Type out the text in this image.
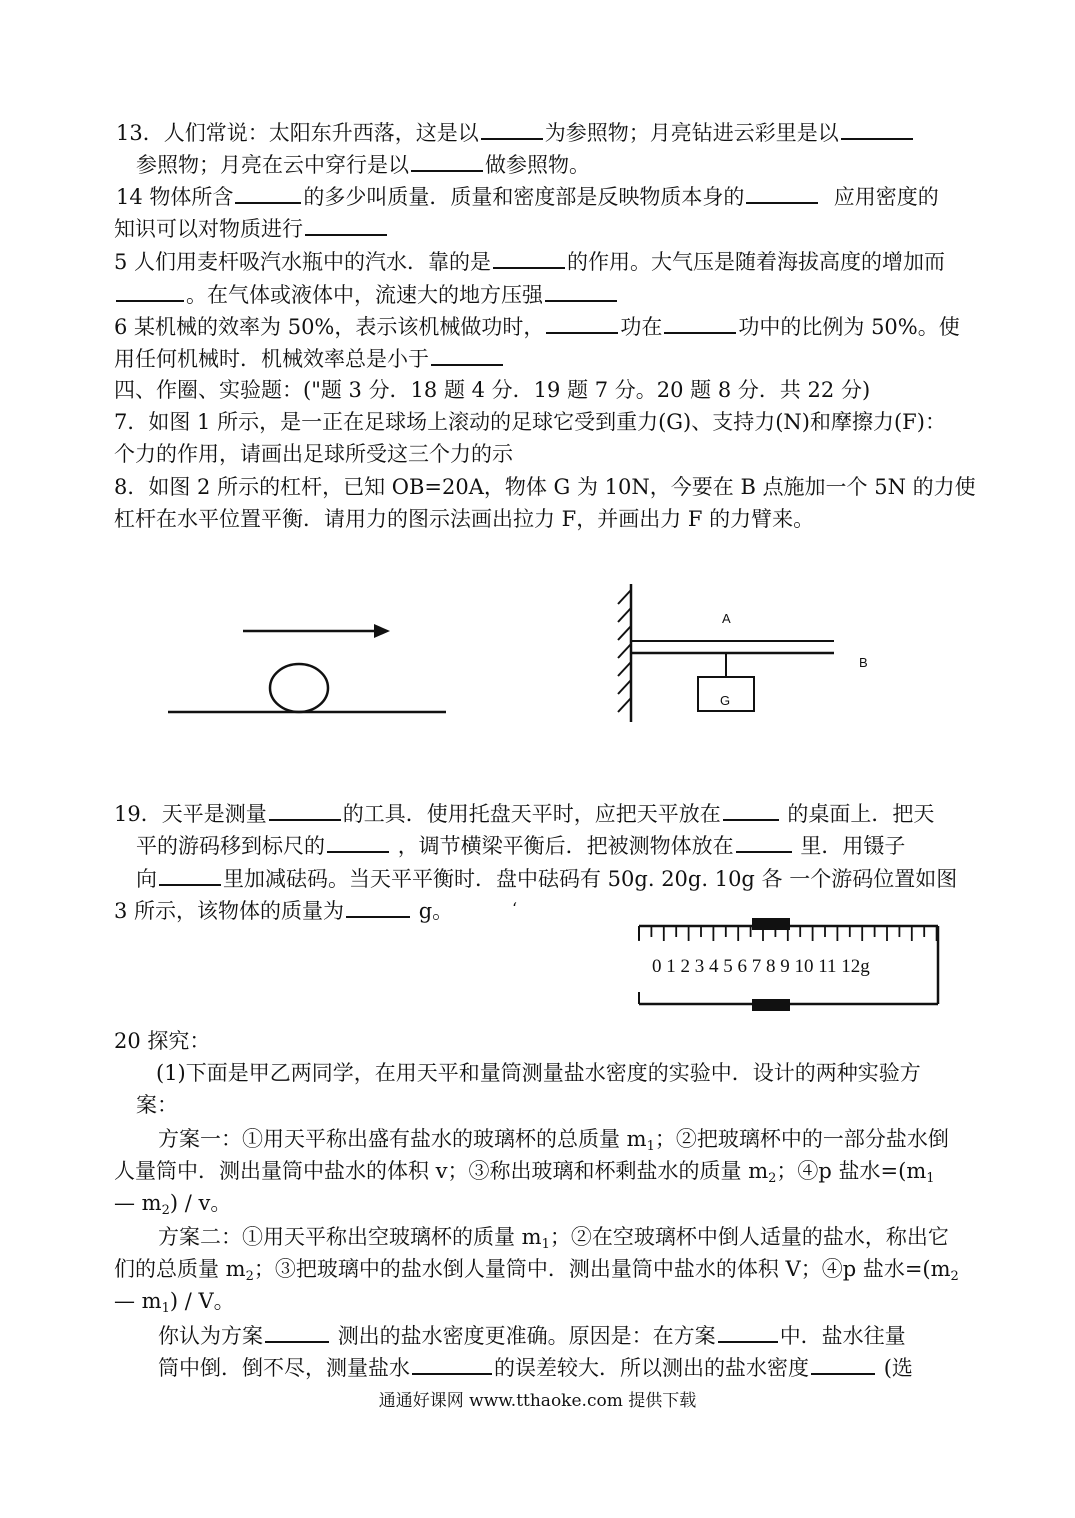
13．人们常说：太阳东升西落，这是以	为参照物；月亮钻进云彩里是以
参照物；月亮在云中穿行是以	做参照物。
14 物体所含	的多少叫质量．质量和密度部是反映物质本身的	应用密度的
知识可以对物质进行
5 人们用麦杆吸汽水瓶中的汽水．靠的是	的作用。大气压是随着海拔高度的增加而
。在气体或液体中，流速大的地方压强
6 某机械的效率为 50%，表示该机械做功时，	功在	功中的比例为 50%。使
用任何机械时．机械效率总是小于
四、作圈、实验题：("题 3 分．18 题 4 分．19 题 7 分。20 题 8 分．共 22 分)
7．如图 1 所示，是一正在足球场上滚动的足球它受到重力(G)、支持力(N)和摩擦力(F)：
个力的作用，请画出足球所受这三个力的示
8．如图 2 所示的杠杆，已知 OB=20A，物体 G 为 10N，今要在 B 点施加一个 5N 的力使
杠杆在水平位置平衡．请用力的图示法画出拉力 F，并画出力 F 的力臂来。
A
B
G
19．天平是测量	的工具．使用托盘天平时，应把天平放在	的桌面上．把天
平的游码移到标尺的	，调节横梁平衡后．把被测物体放在	里．用镊子
向	里加减砝码。当天平平衡时．盘中砝码有 50g. 20g. 10g 各 一个游码位置如图
3 所示，该物体的质量为	g。	‘
0 1 2 3 4 5 6 7 8 9 10 11 12g
20 探究：
(1)下面是甲乙两同学，在用天平和量筒测量盐水密度的实验中．设计的两种实验方
案：
方案一：①用天平称出盛有盐水的玻璃杯的总质量 $m_1$；②把玻璃杯中的一部分盐水倒
人量筒中．测出量筒中盐水的体积 v；③称出玻璃和杯剩盐水的质量 $m_2$；④p 盐水$=(m_1$
— $m_2$) / v。
方案二：①用天平称出空玻璃杯的质量 $m_1$；②在空玻璃杯中倒人适量的盐水，称出它
们的总质量 $m_2$；③把玻璃中的盐水倒人量筒中．测出量筒中盐水的体积 V；④p 盐水$=(m_2$
— $m_1$) / V。
你认为方案	测出的盐水密度更准确。原因是：在方案	中．盐水往量
筒中倒．倒不尽，测量盐水	的误差较大．所以测出的盐水密度	(选
通通好课网 www.tthaoke.com 提供下载
